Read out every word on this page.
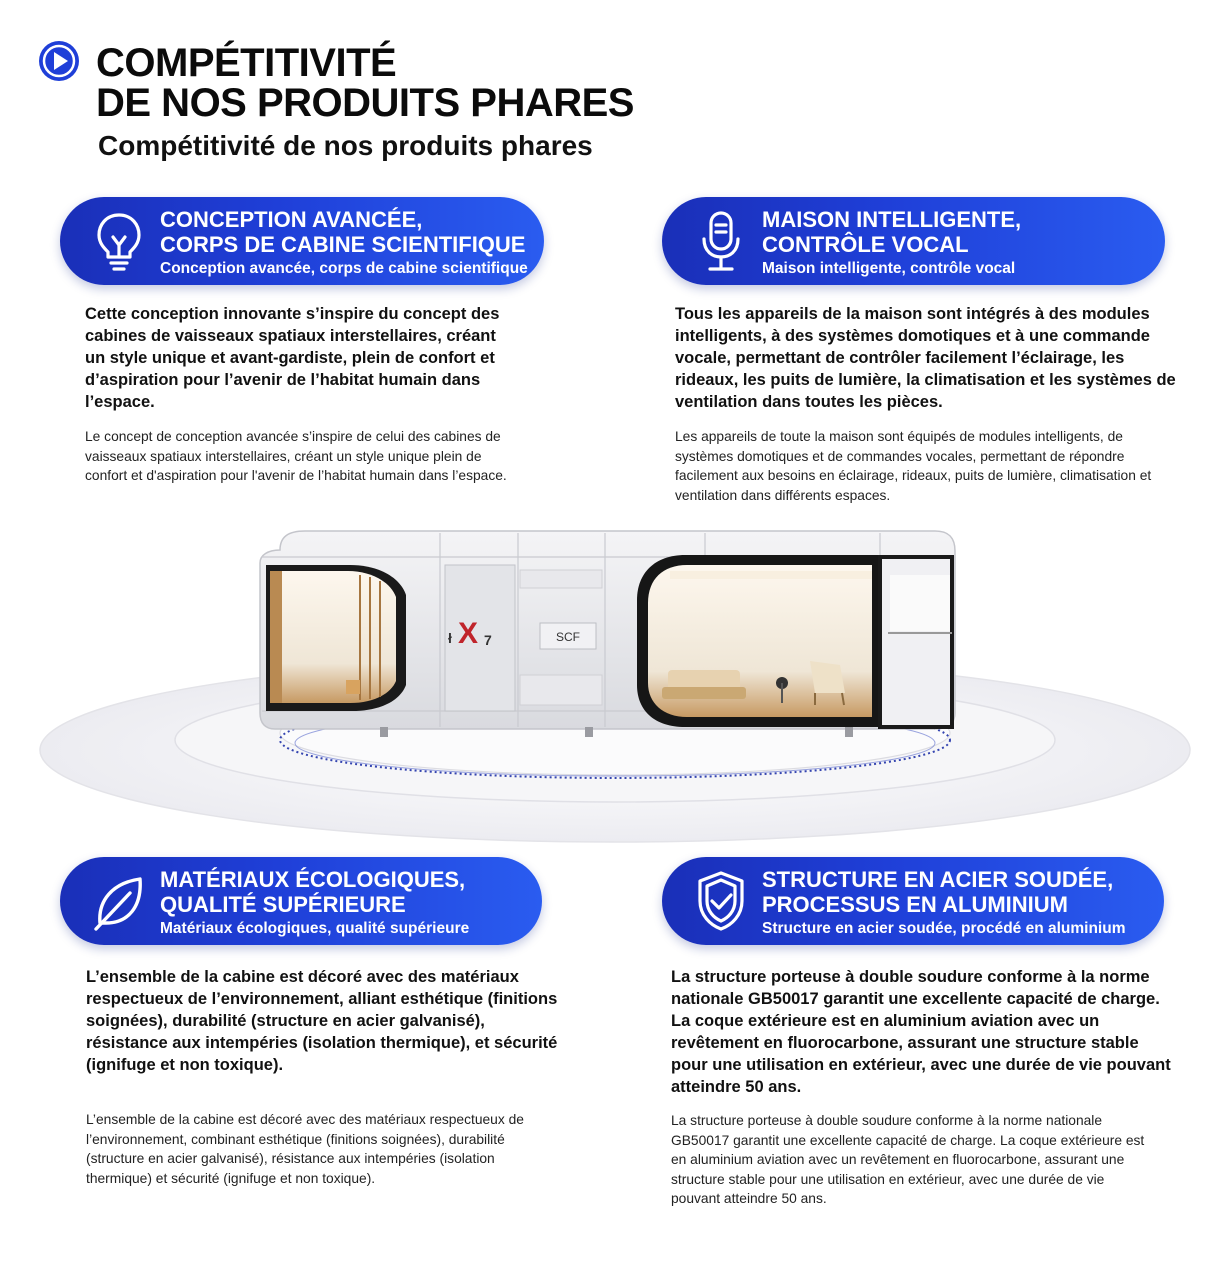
COMPÉTITIVITÉ
DE NOS PRODUITS PHARES
Compétitivité de nos produits phares
CONCEPTION AVANCÉE,
CORPS DE CABINE SCIENTIFIQUE
Conception avancée, corps de cabine scientifique
MAISON INTELLIGENTE,
CONTRÔLE VOCAL
Maison intelligente, contrôle vocal
Cette conception innovante s’inspire du concept des cabines de vaisseaux spatiaux interstellaires, créant un style unique et avant-gardiste, plein de confort et d’aspiration pour l’avenir de l’habitat humain dans l’espace.
Le concept de conception avancée s’inspire de celui des cabines de vaisseaux spatiaux interstellaires, créant un style unique plein de confort et d'aspiration pour l'avenir de l’habitat humain dans l’espace.
Tous les appareils de la maison sont intégrés à des modules intelligents, à des systèmes domotiques et à une commande vocale, permettant de contrôler facilement l’éclairage, les rideaux, les puits de lumière, la climatisation et les systèmes de ventilation dans toutes les pièces.
Les appareils de toute la maison sont équipés de modules intelligents, de systèmes domotiques et de commandes vocales, permettant de répondre facilement aux besoins en éclairage, rideaux, puits de lumière, climatisation et ventilation dans différents espaces.
ł X 7	SCF
MATÉRIAUX ÉCOLOGIQUES,
QUALITÉ SUPÉRIEURE
Matériaux écologiques, qualité supérieure
STRUCTURE EN ACIER SOUDÉE,
PROCESSUS EN ALUMINIUM
Structure en acier soudée, procédé en aluminium
L’ensemble de la cabine est décoré avec des matériaux respectueux de l’environnement, alliant esthétique (finitions soignées), durabilité (structure en acier galvanisé), résistance aux intempéries (isolation thermique), et sécurité (ignifuge et non toxique).
L’ensemble de la cabine est décoré avec des matériaux respectueux de l’environnement, combinant esthétique (finitions soignées), durabilité (structure en acier galvanisé), résistance aux intempéries (isolation thermique) et sécurité (ignifuge et non toxique).
La structure porteuse à double soudure conforme à la norme nationale GB50017 garantit une excellente capacité de charge. La coque extérieure est en aluminium aviation avec un revêtement en fluorocarbone, assurant une structure stable pour une utilisation en extérieur, avec une durée de vie pouvant atteindre 50 ans.
La structure porteuse à double soudure conforme à la norme nationale GB50017 garantit une excellente capacité de charge. La coque extérieure est en aluminium aviation avec un revêtement en fluorocarbone, assurant une structure stable pour une utilisation en extérieur, avec une durée de vie pouvant atteindre 50 ans.
